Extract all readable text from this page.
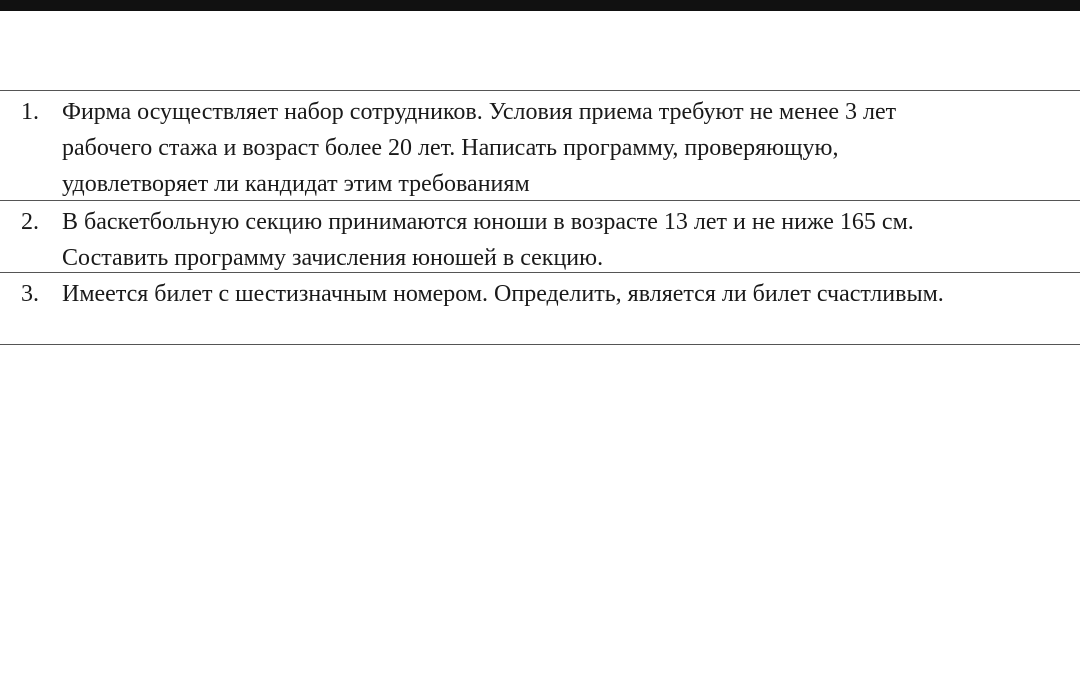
1. Фирма осуществляет набор сотрудников. Условия приема требуют не менее 3 лет
рабочего стажа и возраст более 20 лет. Написать программу, проверяющую,
удовлетворяет ли кандидат этим требованиям
2. В баскетбольную секцию принимаются юноши в возрасте 13 лет и не ниже 165 см.
Составить программу зачисления юношей в секцию.
3. Имеется билет с шестизначным номером. Определить, является ли билет счастливым.
